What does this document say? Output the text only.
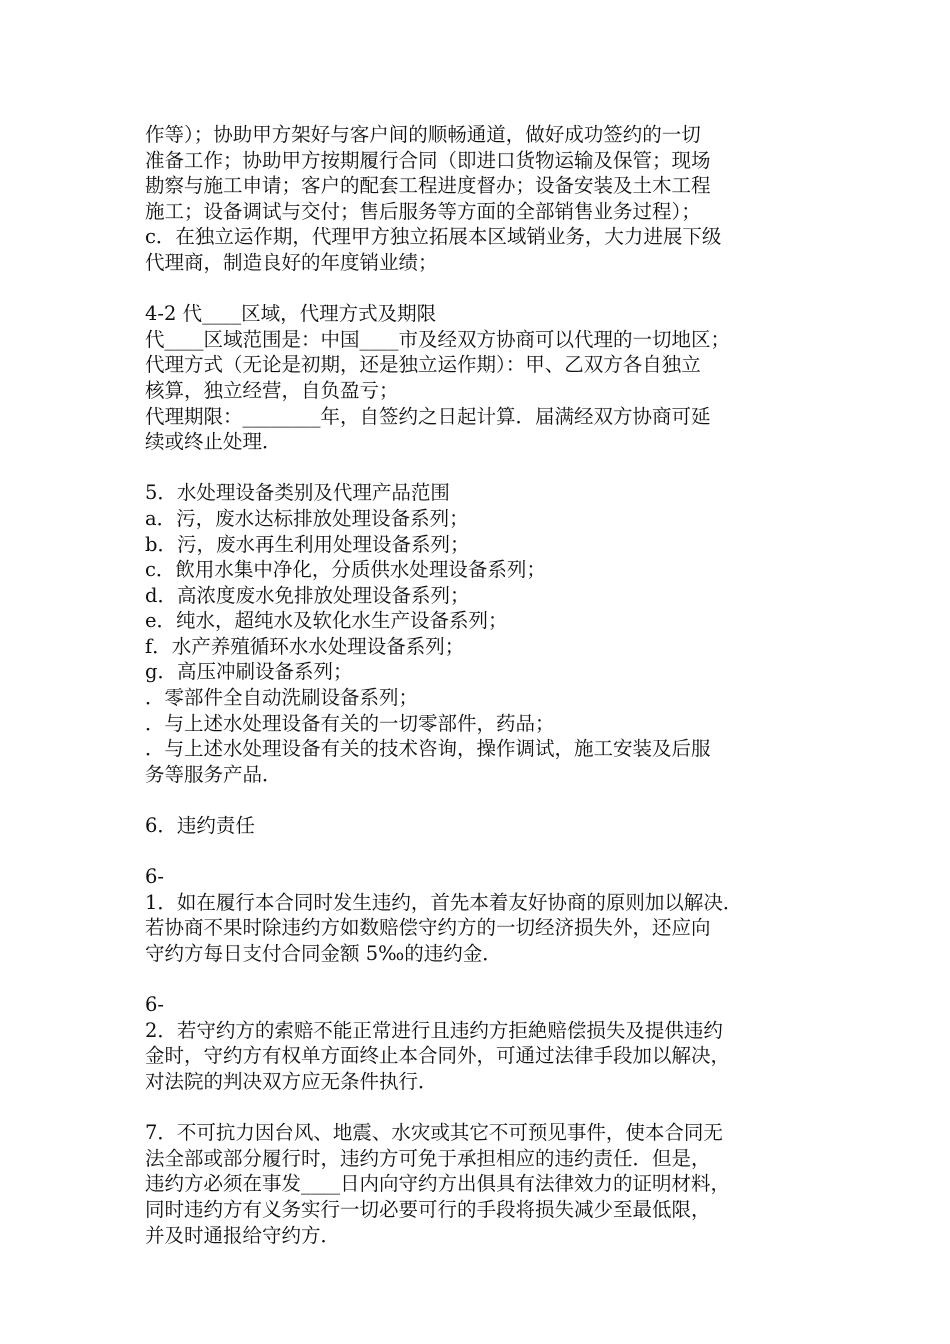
作等）；协助甲方架好与客户间的顺畅通道，做好成功签约的一切
准备工作；协助甲方按期履行合同（即进口货物运输及保管；现场
勘察与施工申请；客户的配套工程进度督办；设备安装及土木工程
施工；设备调试与交付；售后服务等方面的全部销售业务过程）；
c．在独立运作期，代理甲方独立拓展本区域销业务，大力进展下级
代理商，制造良好的年度销业绩；
4-2 代____区域，代理方式及期限
代____区域范围是：中国____市及经双方协商可以代理的一切地区；
代理方式（无论是初期，还是独立运作期）：甲、乙双方各自独立
核算，独立经营，自负盈亏；
代理期限：________年，自签约之日起计算．届满经双方协商可延
续或终止处理．
5．水处理设备类别及代理产品范围
a．污，废水达标排放处理设备系列；
b．污，废水再生利用处理设备系列；
c．飲用水集中净化，分质供水处理设备系列；
d．高浓度废水免排放处理设备系列；
e．纯水，超纯水及软化水生产设备系列；
f．水产养殖循环水水处理设备系列；
g．高压冲刷设备系列；
．零部件全自动洗刷设备系列；
．与上述水处理设备有关的一切零部件，药品；
．与上述水处理设备有关的技术咨询，操作调试，施工安装及后服
务等服务产品．
6．违约责任
6-
1．如在履行本合同时发生违约，首先本着友好协商的原则加以解决．
若协商不果时除违约方如数赔偿守约方的一切经济损失外，还应向
守约方每日支付合同金额 5‰的违约金．
6-
2．若守约方的索赔不能正常进行且违约方拒絶赔偿损失及提供违约
金时，守约方有权单方面终止本合同外，可通过法律手段加以解决，
对法院的判决双方应无条件执行．
7．不可抗力因台风、地震、水灾或其它不可预见事件，使本合同无
法全部或部分履行时，违约方可免于承担相应的违约责任．但是，
违约方必须在事发____日内向守约方出俱具有法律效力的证明材料，
同时违约方有义务实行一切必要可行的手段将损失减少至最低限，
并及时通报给守约方．
